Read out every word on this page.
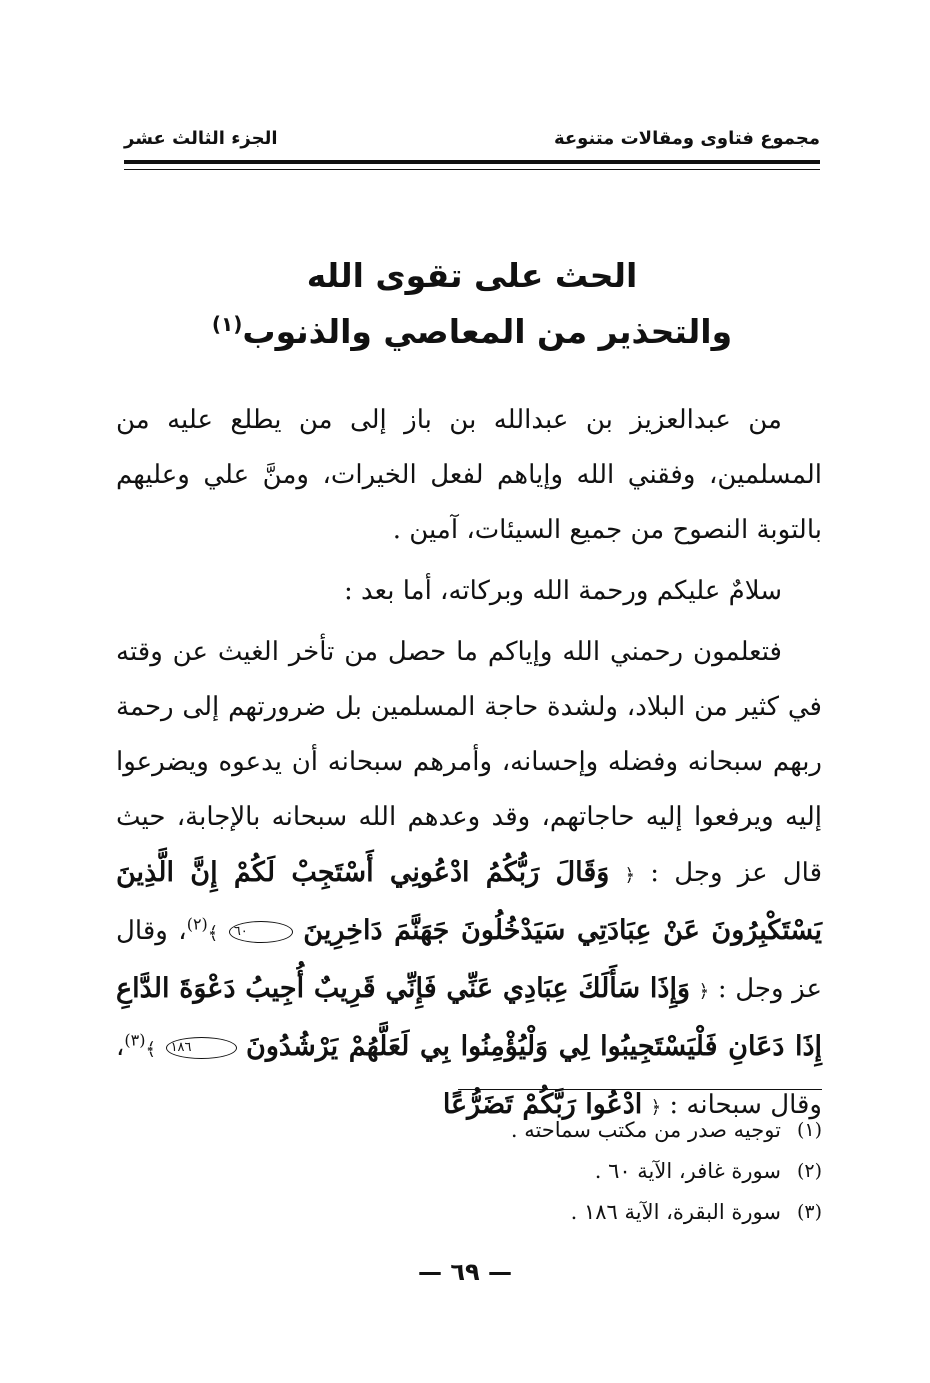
مجموع فتاوى ومقالات متنوعة
الجزء الثالث عشر
الحث على تقوى الله
والتحذير من المعاصي والذنوب$^{(١)}$

من عبدالعزيز بن عبدالله بن باز إلى من يطلع عليه من المسلمين، وفقني الله وإياهم لفعل الخيرات، ومنَّ علي وعليهم بالتوبة النصوح من جميع السيئات، آمين .

سلامٌ عليكم ورحمة الله وبركاته، أما بعد :

فتعلمون رحمني الله وإياكم ما حصل من تأخر الغيث عن وقته في كثير من البلاد، ولشدة حاجة المسلمين بل ضرورتهم إلى رحمة ربهم سبحانه وفضله وإحسانه، وأمرهم سبحانه أن يدعوه ويضرعوا إليه ويرفعوا إليه حاجاتهم، وقد وعدهم الله سبحانه بالإجابة، حيث قال عز وجل : ﴿ وَقَالَ رَبُّكُمُ ادْعُونِي أَسْتَجِبْ لَكُمْ إِنَّ الَّذِينَ يَسْتَكْبِرُونَ عَنْ عِبَادَتِي سَيَدْخُلُونَ جَهَنَّمَ دَاخِرِينَ ٦٠ ﴾$^{(٢)}$، وقال عز وجل : ﴿ وَإِذَا سَأَلَكَ عِبَادِي عَنِّي فَإِنِّي قَرِيبٌ أُجِيبُ دَعْوَةَ الدَّاعِ إِذَا دَعَانِ فَلْيَسْتَجِيبُوا لِي وَلْيُؤْمِنُوا بِي لَعَلَّهُمْ يَرْشُدُونَ ١٨٦ ﴾$^{(٣)}$، وقال سبحانه : ﴿ ادْعُوا رَبَّكُمْ تَضَرُّعًا

(١)
توجيه صدر من مكتب سماحته .
(٢)
سورة غافر، الآية ٦٠ .
(٣)
سورة البقرة، الآية ١٨٦ .
— ٦٩ —
